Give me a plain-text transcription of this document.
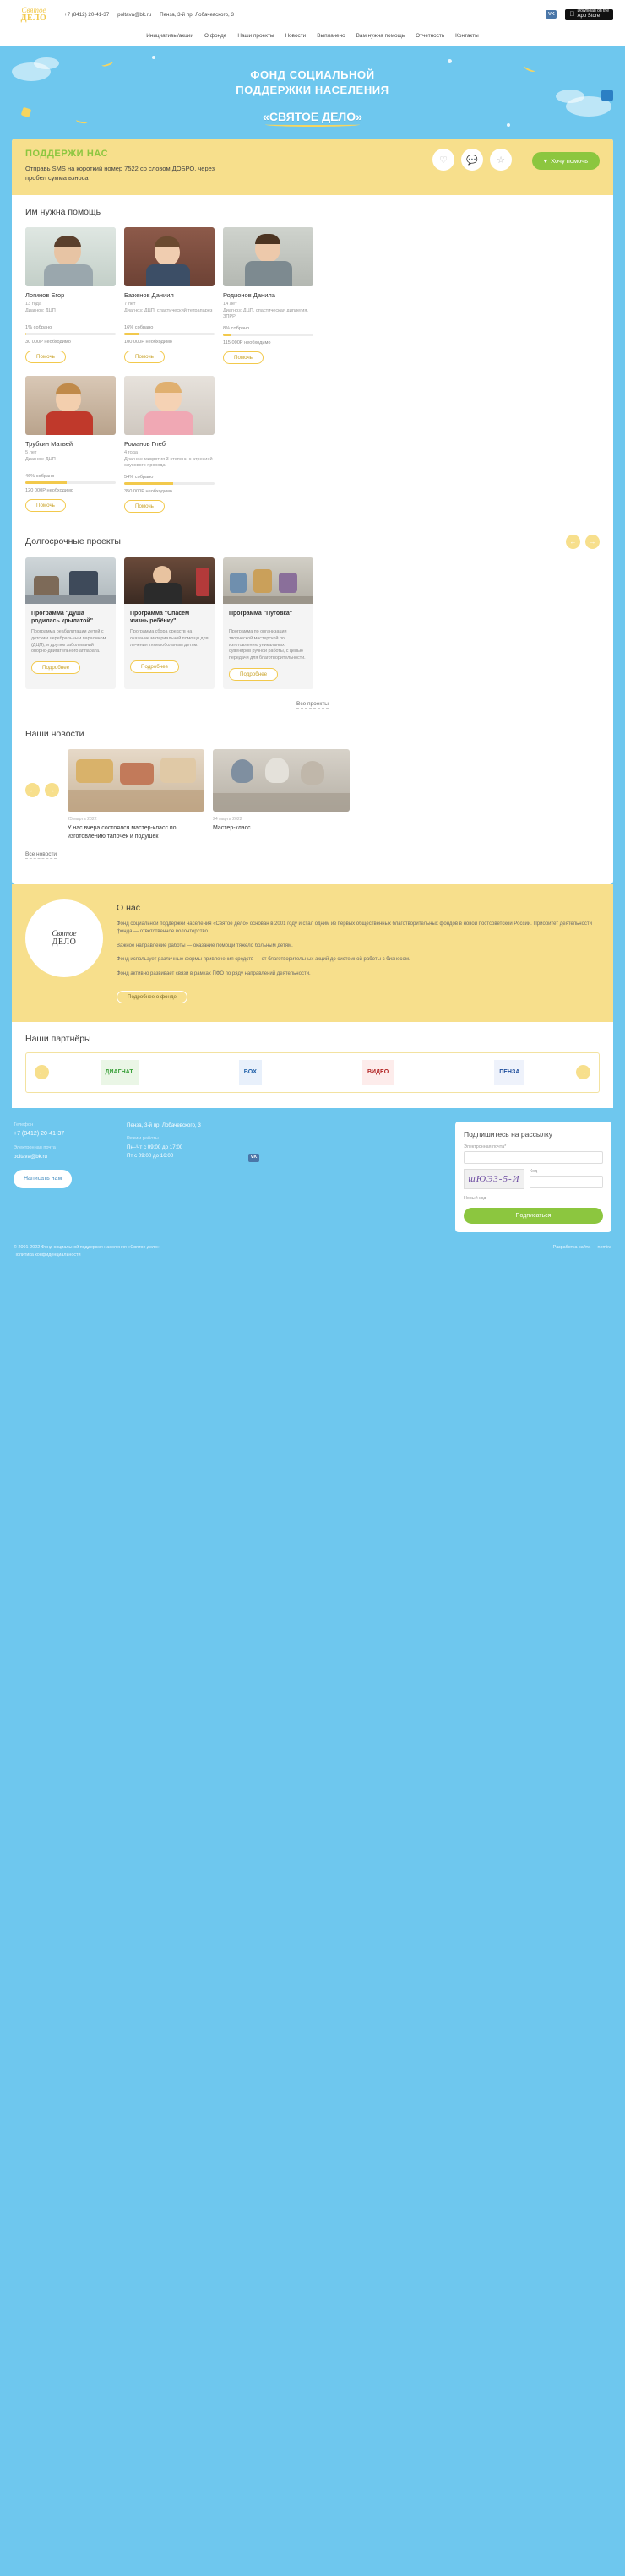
Святое
ДЕЛО	+7 (8412) 20-41-37 poltava@bk.ru Пенза, 3-й пр. Лобачевского, 3	VK
Download on the
App Store
Инициативы/акции О фонде Наши проекты Новости Выплачено Вам нужна помощь Отчетность Контакты
ФОНД СОЦИАЛЬНОЙ
ПОДДЕРЖКИ НАСЕЛЕНИЯ
«СВЯТОЕ ДЕЛО»
ПОДДЕРЖИ НАС

Отправь SMS на короткий номер 7522 со словом ДОБРО, через пробел сумма взноса

♡	💬	☆	♥ Хочу помочь
Им нужна помощь
Логинов Егор
13 года
Диагноз: ДЦП
1% собрано
30 000Р необходимо
Помочь
Баженов Даниил
7 лет
Диагноз: ДЦП, спастический тетрапарез
16% собрано
100 000Р необходимо
Помочь
Родионов Данила
14 лет
Диагноз: ДЦП, спастическая диплегия, ЗПРР
8% собрано
115 000Р необходимо
Помочь
Трубкин Матвей
5 лет
Диагноз: ДЦП
46% собрано
120 000Р необходимо
Помочь
Романов Глеб
4 года
Диагноз: микротия 3 степени с атрезией слухового прохода
54% собрано
350 000Р необходимо
Помочь
Долгосрочные проекты	←	→
Программа "Душа родилась крылатой"
Программа реабилитации детей с детским церебральным параличом (ДЦП), и другим заболеваний опорно-двигательного аппарата.
Подробнее
Программа "Спасем жизнь ребёнку"
Программа сбора средств на оказание материальной помощи для лечения тяжелобольным детям.
Подробнее
Программа "Пуговка"
Программа по организации творческой мастерской по изготовлению уникальных сувениров ручной работы, с целью передачи для благотворительности.
Подробнее
Все проекты
Наши новости
←	→
25 марта 2022
У нас вчера состоялся мастер-класс по изготовлению тапочек и подушек
24 марта 2022
Мастер-класс
Все новости
Святое
ДЕЛО
О нас

Фонд социальной поддержки населения «Святое дело» основан в 2001 году и стал одним из первых общественных благотворительных фондов в новой постсоветской России. Приоритет деятельности фонда — ответственное волонтерство.

Важное направление работы — оказание помощи тяжело больным детям.

Фонд использует различные формы привлечения средств — от благотворительных акций до системной работы с бизнесом.

Фонд активно развивает связи в рамках ПФО по ряду направлений деятельности.

Подробнее о фонде
Наши партнёры
←	ДИАГНАТ	BOX	ВИДЕО	ПЕНЗА	→
Телефон
+7 (8412) 20-41-37
Электронная почта
poltava@bk.ru
Написать нам
Пенза, 3-й пр. Лобачевского, 3
Режим работы
Пн–Чт с 09:00 до 17:00
Пт с 09:00 до 16:00	VK
Подпишитесь на рассылку
Электронная почта*
шЮЭ3-5-И
Код
Новый код Подписаться
© 2001-2022 Фонд социальной поддержки населения «Святое дело»
Политика конфиденциальности
Разработка сайта — nemira
